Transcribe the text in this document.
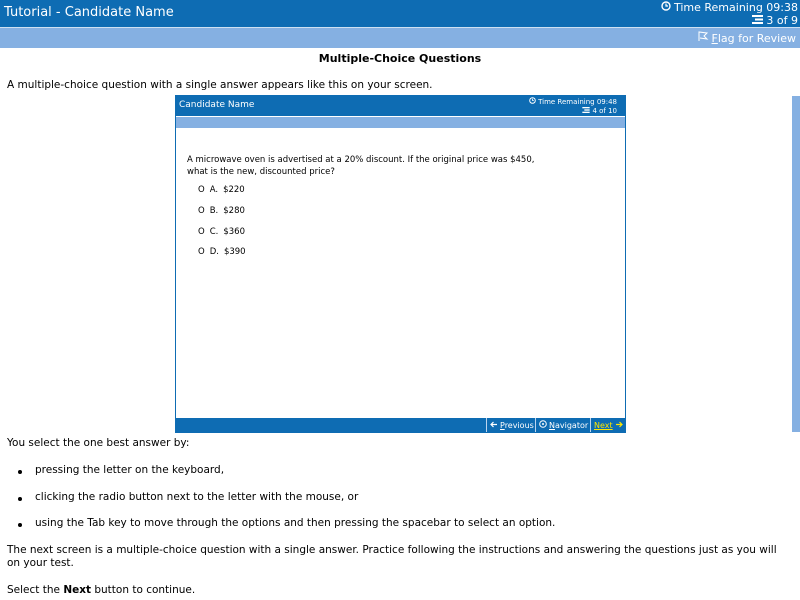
Tutorial - Candidate Name	Time Remaining 09:38
3 of 9
Flag for Review
Multiple-Choice Questions
A multiple-choice question with a single answer appears like this on your screen.
Candidate Name	Time Remaining 09:48
4 of 10
A microwave oven is advertised at a 20% discount. If the original price was $450, what is the new, discounted price?
O A. $220
O B. $280
O C. $360
O D. $390
Previous Navigator Next
You select the one best answer by:
pressing the letter on the keyboard,
clicking the radio button next to the letter with the mouse, or
using the Tab key to move through the options and then pressing the spacebar to select an option.
The next screen is a multiple-choice question with a single answer. Practice following the instructions and answering the questions just as you will on your test.
Select the Next button to continue.
